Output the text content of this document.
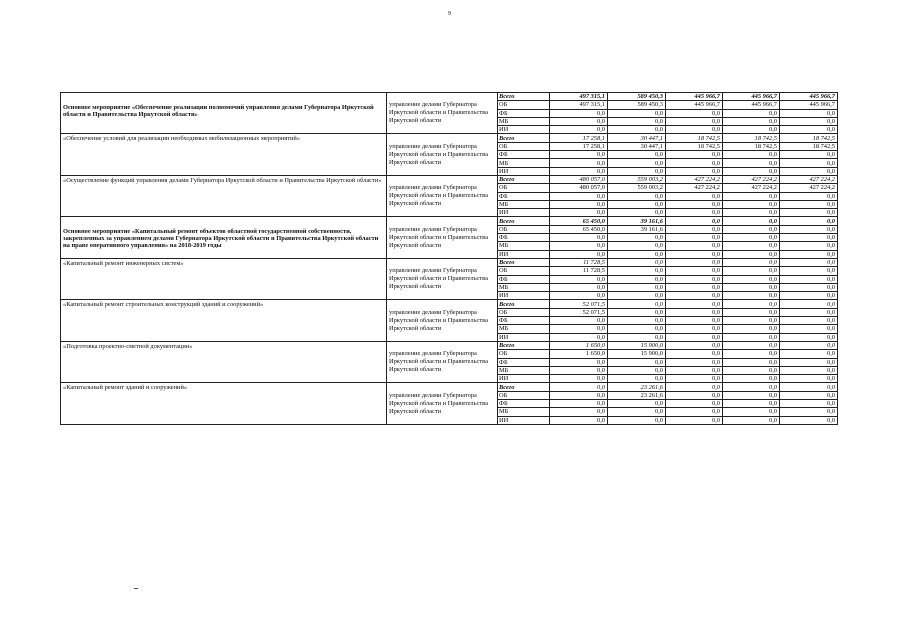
9
Основное мероприятие «Обеспечение реализации полномочий управления делами Губернатора Иркутской области и Правительства Иркутской области»	управление делами Губернатора Иркутской области и Правительства Иркутской области	Всего	497 315,1	589 450,3	445 966,7	445 966,7	445 966,7
		ОБ	497 315,1	589 450,3	445 966,7	445 966,7	445 966,7
		ФБ	0,0	0,0	0,0	0,0	0,0
		МБ	0,0	0,0	0,0	0,0	0,0
		ИИ	0,0	0,0	0,0	0,0	0,0

«Обеспечение условий для реализации необходимых мобилизационных мероприятий»	управление делами Губернатора Иркутской области и Правительства Иркутской области	Всего	17 258,1	30 447,1	18 742,5	18 742,5	18 742,5
		ОБ	17 258,1	30 447,1	18 742,5	18 742,5	18 742,5
		ФБ	0,0	0,0	0,0	0,0	0,0
		МБ	0,0	0,0	0,0	0,0	0,0
		ИИ	0,0	0,0	0,0	0,0	0,0

«Осуществление функций управления делами Губернатора Иркутской области и Правительства Иркутской области»	управление делами Губернатора Иркутской области и Правительства Иркутской области	Всего	480 057,0	559 003,2	427 224,2	427 224,2	427 224,2
		ОБ	480 057,0	559 003,2	427 224,2	427 224,2	427 224,2
		ФБ	0,0	0,0	0,0	0,0	0,0
		МБ	0,0	0,0	0,0	0,0	0,0
		ИИ	0,0	0,0	0,0	0,0	0,0

Основное мероприятие «Капитальный ремонт объектов областной государственной собственности, закрепленных за управлением делами Губернатора Иркутской области и Правительства Иркутской области на праве оперативного управления» на 2018-2019 годы	управление делами Губернатора Иркутской области и Правительства Иркутской области	Всего	65 450,0	39 161,6	0,0	0,0	0,0
		ОБ	65 450,0	39 161,6	0,0	0,0	0,0
		ФБ	0,0	0,0	0,0	0,0	0,0
		МБ	0,0	0,0	0,0	0,0	0,0
		ИИ	0,0	0,0	0,0	0,0	0,0

«Капитальный ремонт инженерных систем»	управление делами Губернатора Иркутской области и Правительства Иркутской области	Всего	11 728,5	0,0	0,0	0,0	0,0
		ОБ	11 728,5	0,0	0,0	0,0	0,0
		ФБ	0,0	0,0	0,0	0,0	0,0
		МБ	0,0	0,0	0,0	0,0	0,0
		ИИ	0,0	0,0	0,0	0,0	0,0

«Капитальный ремонт строительных конструкций зданий и сооружений»	управление делами Губернатора Иркутской области и Правительства Иркутской области	Всего	52 071,5	0,0	0,0	0,0	0,0
		ОБ	52 071,5	0,0	0,0	0,0	0,0
		ФБ	0,0	0,0	0,0	0,0	0,0
		МБ	0,0	0,0	0,0	0,0	0,0
		ИИ	0,0	0,0	0,0	0,0	0,0

«Подготовка проектно-сметной документации»	управление делами Губернатора Иркутской области и Правительства Иркутской области	Всего	1 650,0	15 900,0	0,0	0,0	0,0
		ОБ	1 650,0	15 900,0	0,0	0,0	0,0
		ФБ	0,0	0,0	0,0	0,0	0,0
		МБ	0,0	0,0	0,0	0,0	0,0
		ИИ	0,0	0,0	0,0	0,0	0,0

«Капитальный ремонт зданий и сооружений»	управление делами Губернатора Иркутской области и Правительства Иркутской области	Всего	0,0	23 261,6	0,0	0,0	0,0
		ОБ	0,0	23 261,6	0,0	0,0	0,0
		ФБ	0,0	0,0	0,0	0,0	0,0
		МБ	0,0	0,0	0,0	0,0	0,0
		ИИ	0,0	0,0	0,0	0,0	0,0
